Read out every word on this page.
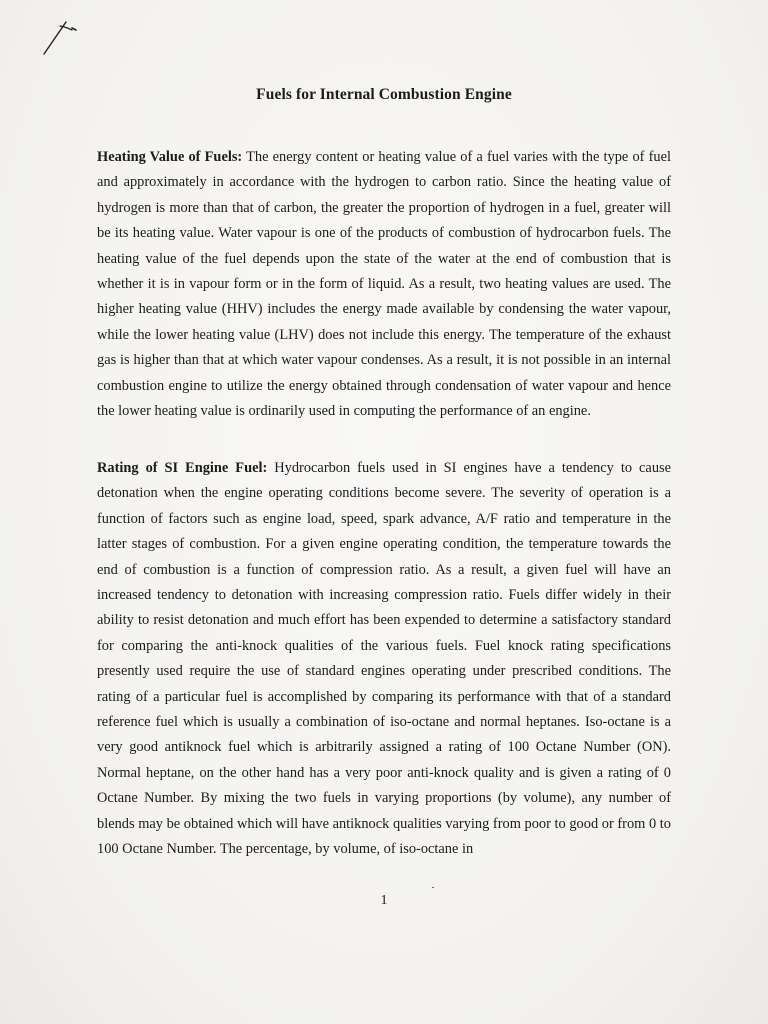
Fuels for Internal Combustion Engine

Heating Value of Fuels: The energy content or heating value of a fuel varies with the type of fuel and approximately in accordance with the hydrogen to carbon ratio. Since the heating value of hydrogen is more than that of carbon, the greater the proportion of hydrogen in a fuel, greater will be its heating value. Water vapour is one of the products of combustion of hydrocarbon fuels. The heating value of the fuel depends upon the state of the water at the end of combustion that is whether it is in vapour form or in the form of liquid. As a result, two heating values are used. The higher heating value (HHV) includes the energy made available by condensing the water vapour, while the lower heating value (LHV) does not include this energy. The temperature of the exhaust gas is higher than that at which water vapour condenses. As a result, it is not possible in an internal combustion engine to utilize the energy obtained through condensation of water vapour and hence the lower heating value is ordinarily used in computing the performance of an engine.

Rating of SI Engine Fuel: Hydrocarbon fuels used in SI engines have a tendency to cause detonation when the engine operating conditions become severe. The severity of operation is a function of factors such as engine load, speed, spark advance, A/F ratio and temperature in the latter stages of combustion. For a given engine operating condition, the temperature towards the end of combustion is a function of compression ratio. As a result, a given fuel will have an increased tendency to detonation with increasing compression ratio. Fuels differ widely in their ability to resist detonation and much effort has been expended to determine a satisfactory standard for comparing the anti-knock qualities of the various fuels. Fuel knock rating specifications presently used require the use of standard engines operating under prescribed conditions. The rating of a particular fuel is accomplished by comparing its performance with that of a standard reference fuel which is usually a combination of iso-octane and normal heptanes. Iso-octane is a very good antiknock fuel which is arbitrarily assigned a rating of 100 Octane Number (ON). Normal heptane, on the other hand has a very poor anti-knock quality and is given a rating of 0 Octane Number. By mixing the two fuels in varying proportions (by volume), any number of blends may be obtained which will have antiknock qualities varying from poor to good or from 0 to 100 Octane Number. The percentage, by volume, of iso-octane in

1
